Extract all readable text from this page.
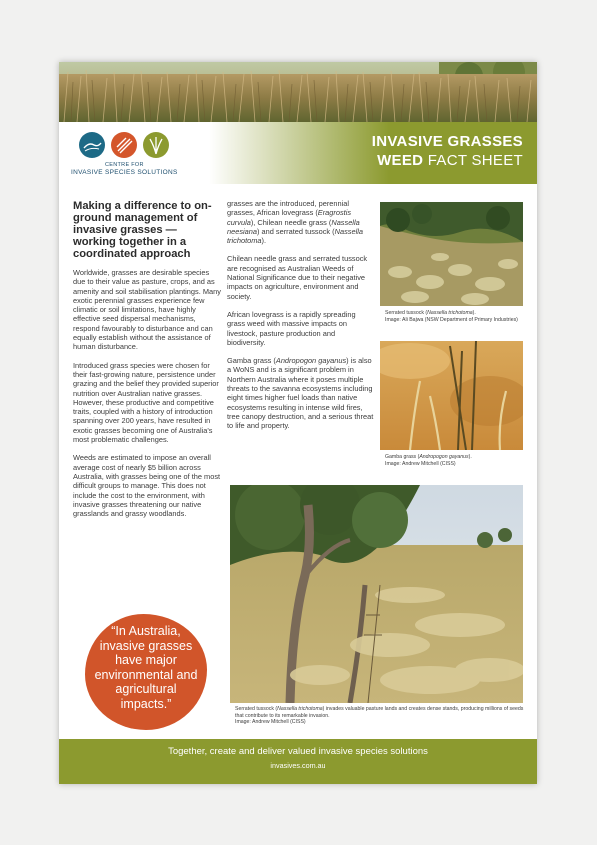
CENTRE FOR
INVASIVE SPECIES SOLUTIONS
INVASIVE GRASSES
WEED FACT SHEET
Making a difference to on-ground management of invasive grasses — working together in a coordinated approach

Worldwide, grasses are desirable species due to their value as pasture, crops, and as amenity and soil stabilisation plantings. Many exotic perennial grasses experience few climatic or soil limitations, have highly effective seed dispersal mechanisms, respond favourably to disturbance and can equally establish without the assistance of human disturbance.

Introduced grass species were chosen for their fast-growing nature, persistence under grazing and the belief they provided superior nutrition over Australian native grasses. However, these productive and competitive traits, coupled with a history of introduction spanning over 200 years, have resulted in exotic grasses becoming one of Australia's most problematic challenges.

Weeds are estimated to impose an overall average cost of nearly $5 billion across Australia, with grasses being one of the most difficult groups to manage. This does not include the cost to the environment, with invasive grasses threatening our native grasslands and grassy woodlands.

“In Australia, invasive grasses have major environmental and agricultural impacts.”

grasses are the introduced, perennial grasses, African lovegrass (Eragrostis curvula), Chilean needle grass (Nassella neesiana) and serrated tussock (Nassella trichotoma).

Chilean needle grass and serrated tussock are recognised as Australian Weeds of National Significance due to their negative impacts on agriculture, environment and society.

African lovegrass is a rapidly spreading grass weed with massive impacts on livestock, pasture production and biodiversity.

Gamba grass (Andropogon gayanus) is also a WoNS and is a significant problem in Northern Australia where it poses multiple threats to the savanna ecosystems including eight times higher fuel loads than native ecosystems resulting in intense wild fires, tree canopy destruction, and a serious threat to life and property.

Serrated tussock (Nassella trichotoma).
Image: Ali Bajwa (NSW Department of Primary Industries)
Gamba grass (Andropogon gayanus).
Image: Andrew Mitchell (CISS)
Serrated tussock (Nassella trichotoma) invades valuable pasture lands and creates dense stands, producing millions of seeds that contribute to its remarkable invasion.
Image: Andrew Mitchell (CISS)
Together, create and deliver valued invasive species solutions
invasives.com.au
